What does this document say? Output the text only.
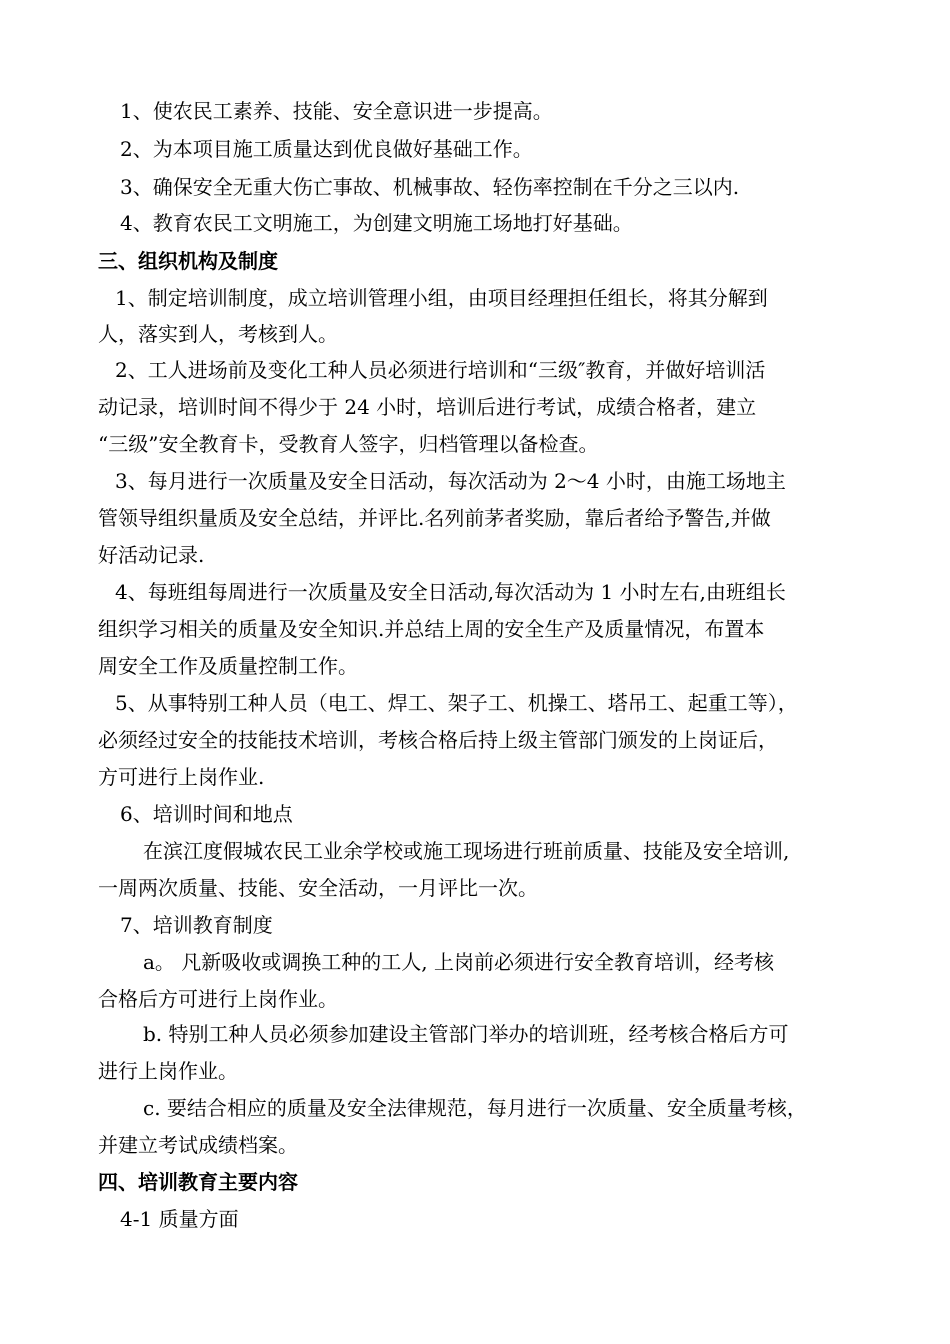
1、使农民工素养、技能、安全意识进一步提高。
2、为本项目施工质量达到优良做好基础工作。
3、确保安全无重大伤亡事故、机械事故、轻伤率控制在千分之三以内.
4、教育农民工文明施工，为创建文明施工场地打好基础。
三、组织机构及制度
1、制定培训制度，成立培训管理小组，由项目经理担任组长，将其分解到
人，落实到人，考核到人。
2、工人进场前及变化工种人员必须进行培训和“三级″教育，并做好培训活
动记录，培训时间不得少于 24 小时，培训后进行考试，成绩合格者，建立
“三级”安全教育卡，受教育人签字，归档管理以备检查。
3、每月进行一次质量及安全日活动，每次活动为 2～4 小时，由施工场地主
管领导组织量质及安全总结，并评比.名列前茅者奖励，靠后者给予警告,并做
好活动记录.
4、每班组每周进行一次质量及安全日活动,每次活动为 1 小时左右,由班组长
组织学习相关的质量及安全知识.并总结上周的安全生产及质量情况，布置本
周安全工作及质量控制工作。
5、从事特别工种人员（电工、焊工、架子工、机操工、塔吊工、起重工等），
必须经过安全的技能技术培训，考核合格后持上级主管部门颁发的上岗证后，
方可进行上岗作业.
6、培训时间和地点
在滨江度假城农民工业余学校或施工现场进行班前质量、技能及安全培训,
一周两次质量、技能、安全活动，一月评比一次。
7、培训教育制度
a。 凡新吸收或调换工种的工人, 上岗前必须进行安全教育培训，经考核
合格后方可进行上岗作业。
b. 特别工种人员必须参加建设主管部门举办的培训班，经考核合格后方可
进行上岗作业。
c. 要结合相应的质量及安全法律规范，每月进行一次质量、安全质量考核，
并建立考试成绩档案。
四、培训教育主要内容
4-1 质量方面
